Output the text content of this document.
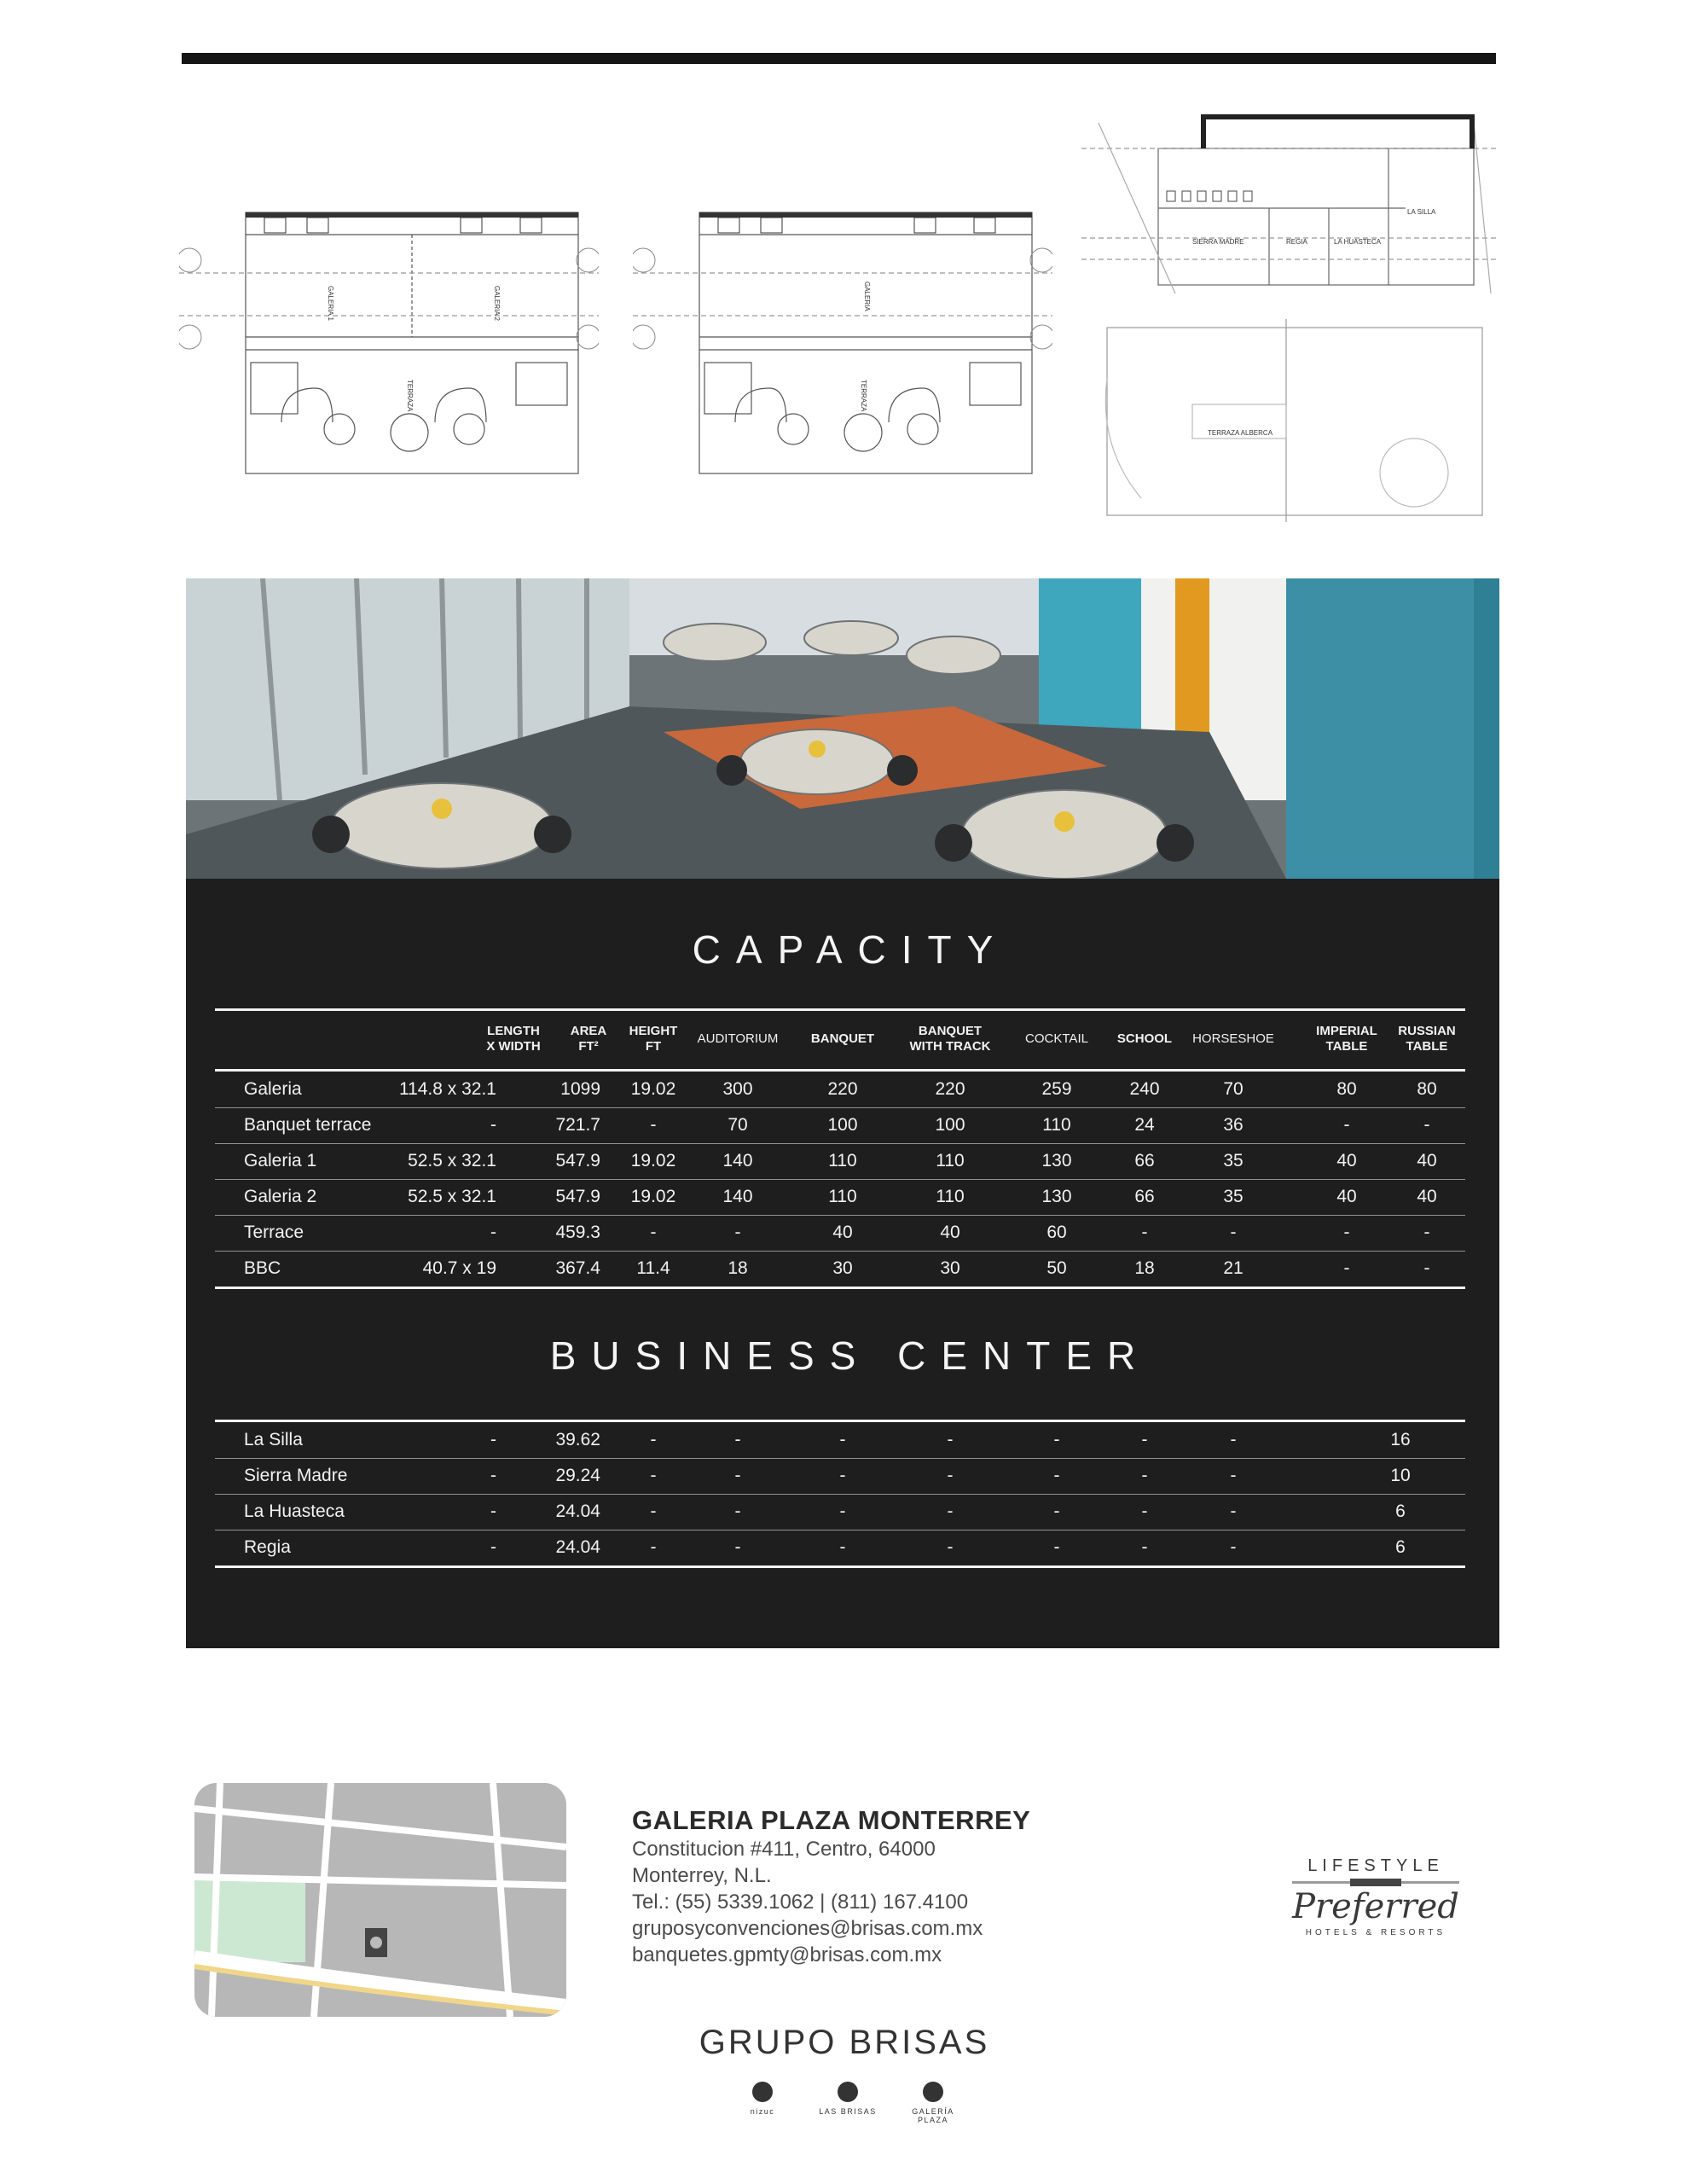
GALERIA 1	GALERIA 2
TERRAZA
GALERIA
TERRAZA
SIERRA MADRE	REGIA	LA HUASTECA
LA SILLA
TERRAZA ALBERCA
CAPACITY
LENGTH
X WIDTH
AREA
FT²
HEIGHT
FT
AUDITORIUM	BANQUET
BANQUET
WITH TRACK
COCKTAIL SCHOOL HORSESHOE
IMPERIAL
TABLE
RUSSIAN
TABLE
Galeria	114.8 x 32.1	1099 19.02	300	220	220	259	240	70	80	80
Banquet terrace	-	721.7	-	70	100	100	110	24	36	-	-
Galeria 1	52.5 x 32.1	547.9 19.02	140	110	110	130	66	35	40	40
Galeria 2	52.5 x 32.1	547.9 19.02	140	110	110	130	66	35	40	40
Terrace	-	459.3	-	-	40	40	60	-	-	-	-
BBC	40.7 x 19	367.4 11.4	18	30	30	50	18	21	-	-
BUSINESS CENTER
La Silla	-	39.62	-	-	-	-	-	-	-	16
Sierra Madre	-	29.24	-	-	-	-	-	-	-	10
La Huasteca	-	24.04	-	-	-	-	-	-	-	6
Regia	-	24.04	-	-	-	-	-	-	-	6
GALERIA PLAZA MONTERREY
Constitucion #411, Centro, 64000
Monterrey, N.L.
Tel.: (55) 5339.1062 | (811) 167.4100
gruposyconvenciones@brisas.com.mx
banquetes.gpmty@brisas.com.mx
LIFESTYLE
Preferred
HOTELS & RESORTS
GRUPO BRISAS
nizuc	LAS BRISAS	GALERÍA PLAZA
